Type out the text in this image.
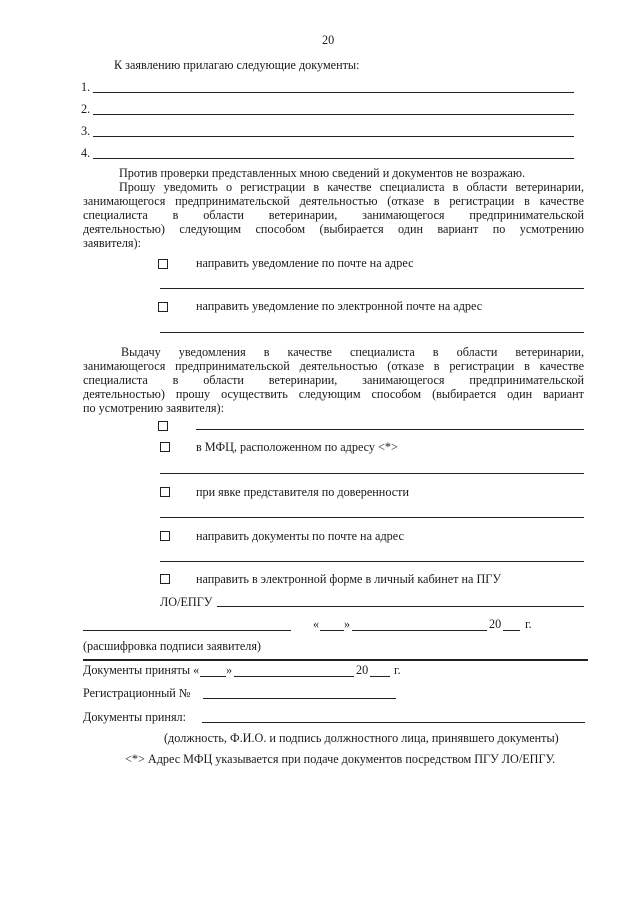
20
К заявлению прилагаю следующие документы:
1.
2.
3.
4.
Против проверки представленных мною сведений и документов не возражаю.
Прошу уведомить о регистрации в качестве специалиста в области ветеринарии,
занимающегося предпринимательской деятельностью (отказе в регистрации в качестве
специалиста в области ветеринарии, занимающегося предпринимательской
деятельностью) следующим способом (выбирается один вариант по усмотрению
заявителя):
направить уведомление по почте на адрес
направить уведомление по электронной почте на адрес
Выдачу уведомления в качестве специалиста в области ветеринарии,
занимающегося предпринимательской деятельностью (отказе в регистрации в качестве
специалиста в области ветеринарии, занимающегося предпринимательской
деятельностью) прошу осуществить следующим способом (выбирается один вариант
по усмотрению заявителя):
в МФЦ, расположенном по адресу <*>
при явке представителя по доверенности
направить документы по почте на адрес
направить в электронной форме в личный кабинет на ПГУ
ЛО/ЕПГУ
« »	20 г.
(расшифровка подписи заявителя)
Документы приняты « »	20 г.
Регистрационный №
Документы принял:
(должность, Ф.И.О. и подпись должностного лица, принявшего документы)
<*> Адрес МФЦ указывается при подаче документов посредством ПГУ ЛО/ЕПГУ.
